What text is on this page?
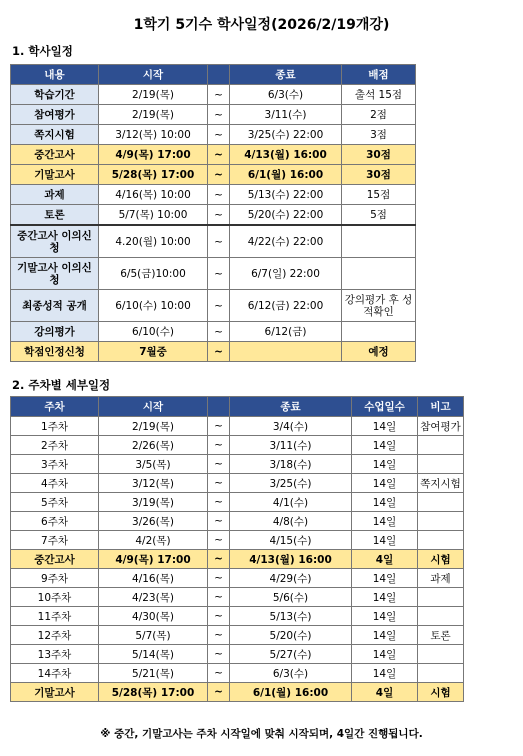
1학기 5기수 학사일정(2026/2/19개강)
1. 학사일정
내용	시작		종료	배점
학습기간	2/19(목)	~	6/3(수)	출석 15점
참여평가	2/19(목)	~	3/11(수)	2점
쪽지시험	3/12(목) 10:00	~	3/25(수) 22:00	3점
중간고사	4/9(목) 17:00	~	4/13(월) 16:00	30점
기말고사	5/28(목) 17:00	~	6/1(월) 16:00	30점
과제	4/16(목) 10:00	~	5/13(수) 22:00	15점
토론	5/7(목) 10:00	~	5/20(수) 22:00	5점
중간고사 이의신청	4.20(월) 10:00	~	4/22(수) 22:00	
기말고사 이의신청	6/5(금)10:00	~	6/7(일) 22:00	
최종성적 공개	6/10(수) 10:00	~	6/12(금) 22:00	강의평가 후 성적확인
강의평가	6/10(수)	~	6/12(금)	
학점인정신청	7월중	~		예정
2. 주차별 세부일정
주차	시작		종료	수업일수	비고
1주차	2/19(목)	~	3/4(수)	14일	참여평가
2주차	2/26(목)	~	3/11(수)	14일	
3주차	3/5(목)	~	3/18(수)	14일	
4주차	3/12(목)	~	3/25(수)	14일	쪽지시험
5주차	3/19(목)	~	4/1(수)	14일	
6주차	3/26(목)	~	4/8(수)	14일	
7주차	4/2(목)	~	4/15(수)	14일	
중간고사	4/9(목) 17:00	~	4/13(월) 16:00	4일	시험
9주차	4/16(목)	~	4/29(수)	14일	과제
10주차	4/23(목)	~	5/6(수)	14일	
11주차	4/30(목)	~	5/13(수)	14일	
12주차	5/7(목)	~	5/20(수)	14일	토론
13주차	5/14(목)	~	5/27(수)	14일	
14주차	5/21(목)	~	6/3(수)	14일	
기말고사	5/28(목) 17:00	~	6/1(월) 16:00	4일	시험
※ 중간, 기말고사는 주차 시작일에 맞춰 시작되며, 4일간 진행됩니다.
